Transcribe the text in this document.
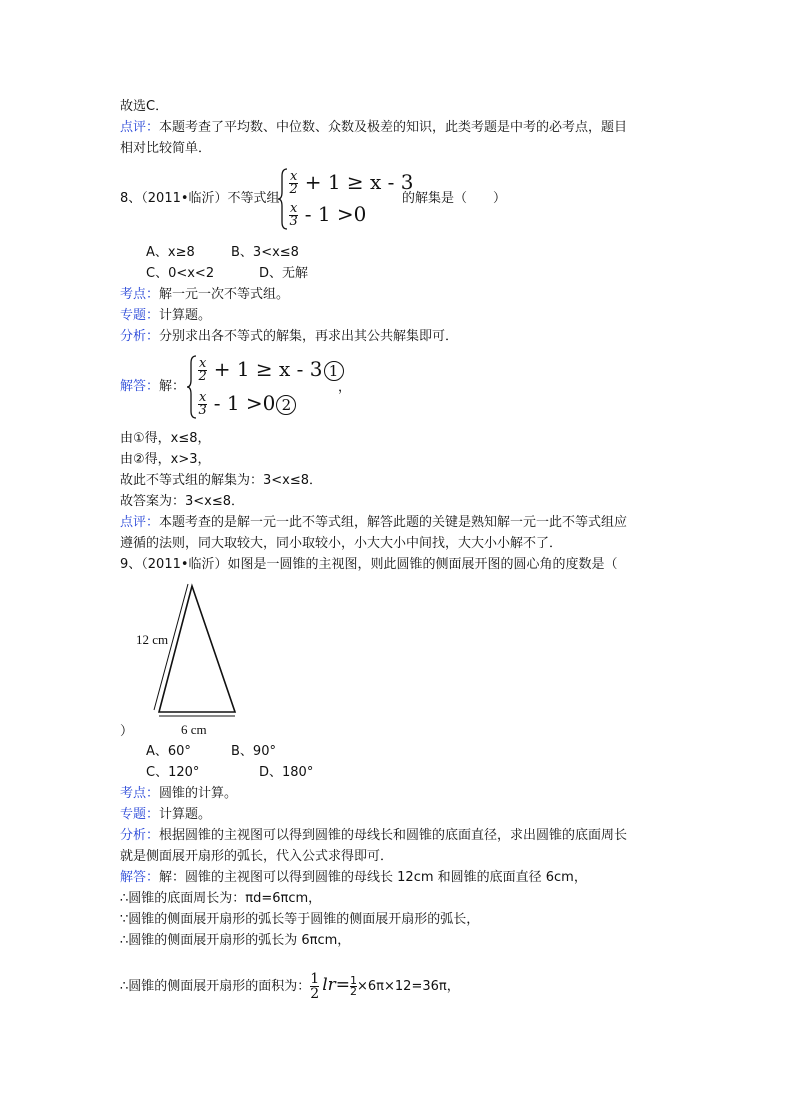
故选C．
点评：本题考查了平均数、中位数、众数及极差的知识，此类考题是中考的必考点，题目
相对比较简单．
8、（2011•临沂）不等式组
$\frac{x}{2} + 1 \ge x - 3$
$\frac{x}{3} - 1 >0$
的解集是（　　）
A、x≥8	B、3<x≤8
C、0<x<2	D、无解
考点：解一元一次不等式组。
专题：计算题。
分析：分别求出各不等式的解集，再求出其公共解集即可．
解答：解：
$\frac{x}{2} + 1 \ge x - 3$ 1
$\frac{x}{3} - 1 >0$ 2
，
由①得，x≤8，
由②得，x>3，
故此不等式组的解集为：3<x≤8．
故答案为：3<x≤8．
点评：本题考查的是解一元一此不等式组，解答此题的关键是熟知解一元一此不等式组应
遵循的法则，同大取较大，同小取较小，小大大小中间找，大大小小解不了．
9、（2011•临沂）如图是一圆锥的主视图，则此圆锥的侧面展开图的圆心角的度数是（
12 cm
6 cm
）
A、60°	B、90°
C、120°	D、180°
考点：圆锥的计算。
专题：计算题。
分析：根据圆锥的主视图可以得到圆锥的母线长和圆锥的底面直径，求出圆锥的底面周长
就是侧面展开扇形的弧长，代入公式求得即可．
解答：解：圆锥的主视图可以得到圆锥的母线长 12cm 和圆锥的底面直径 6cm，
∴圆锥的底面周长为：πd=6πcm，
∵圆锥的侧面展开扇形的弧长等于圆锥的侧面展开扇形的弧长，
∴圆锥的侧面展开扇形的弧长为 6πcm，
∴圆锥的侧面展开扇形的面积为： $\frac{1}{2} lr= \frac{1}{2}\times 6\pi\times 12=36\pi$，
